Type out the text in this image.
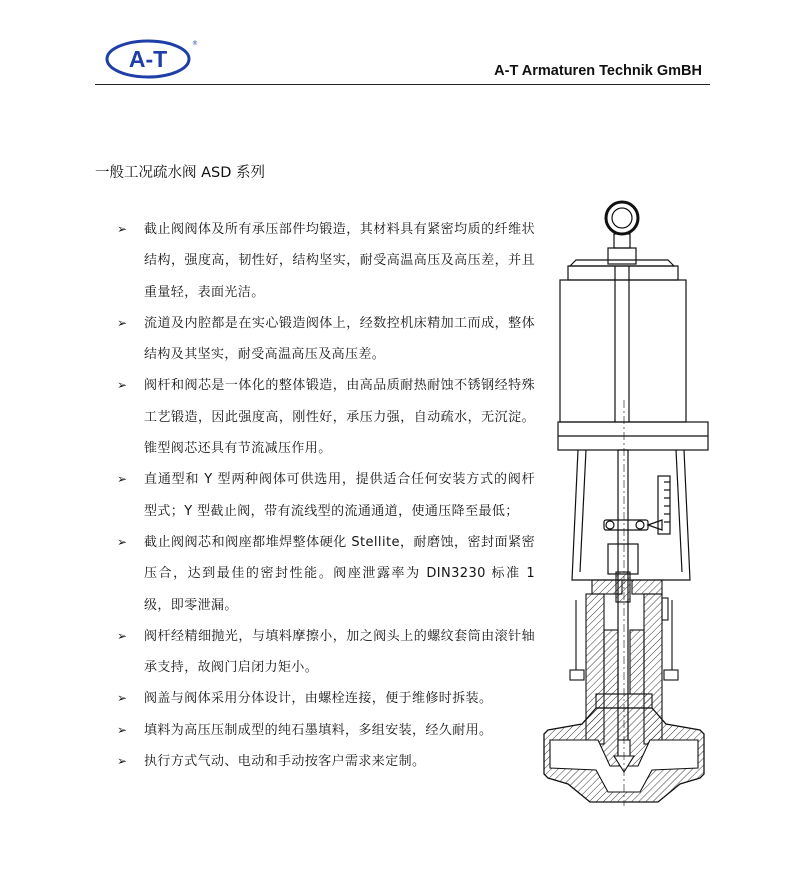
A-T
®
A-T Armaturen Technik GmBH
一般工况疏水阀 ASD 系列
➢ 截止阀阀体及所有承压部件均锻造，其材料具有紧密均质的纤维状结构，强度高，韧性好，结构坚实，耐受高温高压及高压差，并且重量轻，表面光洁。
➢ 流道及内腔都是在实心锻造阀体上，经数控机床精加工而成，整体结构及其坚实，耐受高温高压及高压差。
➢ 阀杆和阀芯是一体化的整体锻造，由高品质耐热耐蚀不锈钢经特殊工艺锻造，因此强度高，刚性好，承压力强，自动疏水，无沉淀。锥型阀芯还具有节流减压作用。
➢ 直通型和 Y 型两种阀体可供选用，提供适合任何安装方式的阀杆型式；Y 型截止阀，带有流线型的流通通道，使通压降至最低；
➢ 截止阀阀芯和阀座都堆焊整体硬化 Stellite，耐磨蚀，密封面紧密压合，达到最佳的密封性能。阀座泄露率为 DIN3230 标准 1 级，即零泄漏。
➢ 阀杆经精细抛光，与填料摩擦小，加之阀头上的螺纹套筒由滚针轴承支持，故阀门启闭力矩小。
➢ 阀盖与阀体采用分体设计，由螺栓连接，便于维修时拆装。
➢ 填料为高压压制成型的纯石墨填料，多组安装，经久耐用。
➢ 执行方式气动、电动和手动按客户需求来定制。
